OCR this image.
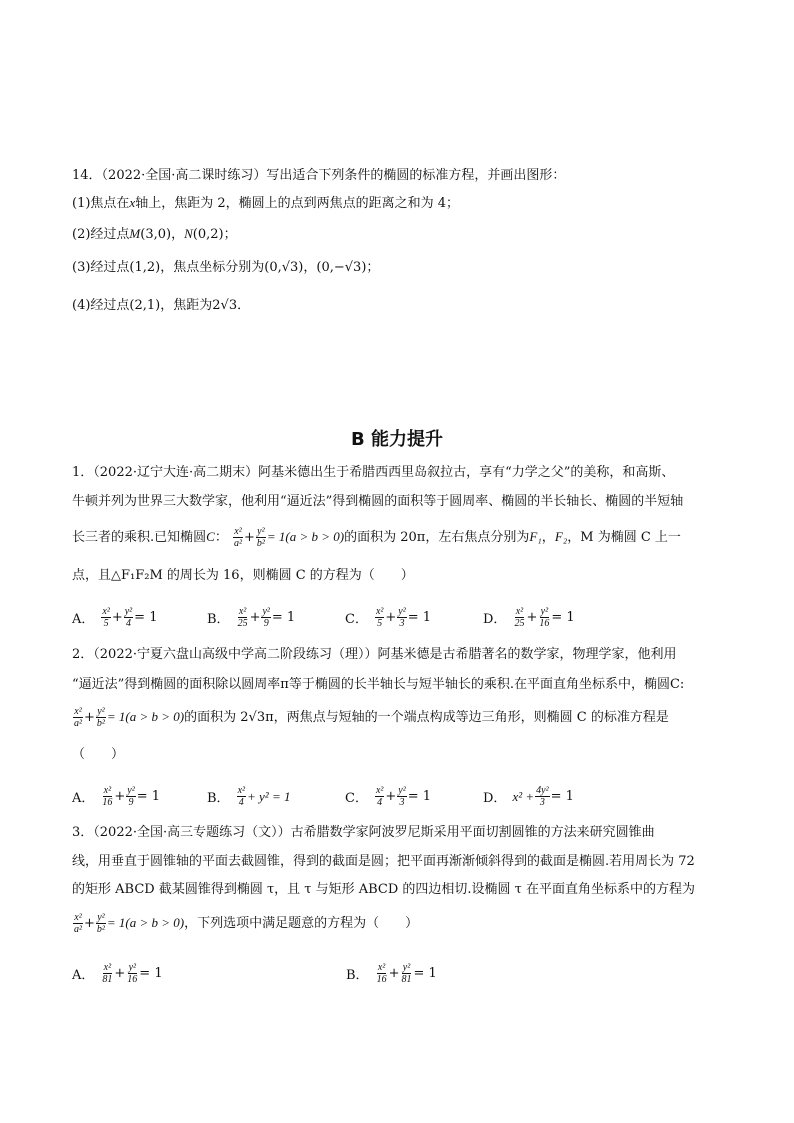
14．（2022·全国·高二课时练习）写出适合下列条件的椭圆的标准方程，并画出图形：
(1)焦点在x轴上，焦距为 2，椭圆上的点到两焦点的距离之和为 4；
(2)经过点M(3,0)，N(0,2)；
(3)经过点(1,2)，焦点坐标分别为(0,√3)，(0,−√3)；
(4)经过点(2,1)，焦距为2√3．
B 能力提升
1．（2022·辽宁大连·高二期末）阿基米德出生于希腊西西里岛叙拉古，享有“力学之父”的美称，和高斯、
牛顿并列为世界三大数学家，他利用“逼近法”得到椭圆的面积等于圆周率、椭圆的半长轴长、椭圆的半短轴
长三者的乘积.已知椭圆C： $\frac{\text{x²}}{\text{a²}} + \frac{\text{y²}}{\text{b²}} = 1(a > b > 0)$的面积为 20π，左右焦点分别为F₁，F₂，M 为椭圆 C 上一
点，且△F₁F₂M 的周长为 16，则椭圆 C 的方程为（　　）
A． $\frac{\text{x²}}{5} + \frac{\text{y²}}{4} = 1$	B． $\frac{\text{x²}}{25} + \frac{\text{y²}}{9} = 1$	C． $\frac{\text{x²}}{5} + \frac{\text{y²}}{3} = 1$	D． $\frac{\text{x²}}{25} + \frac{\text{y²}}{16} = 1$
2．（2022·宁夏六盘山高级中学高二阶段练习（理））阿基米德是古希腊著名的数学家，物理学家，他利用
“逼近法”得到椭圆的面积除以圆周率π等于椭圆的长半轴长与短半轴长的乘积.在平面直角坐标系中，椭圆C:
$\frac{\text{x²}}{\text{a²}} + \frac{\text{y²}}{\text{b²}} = 1(a > b > 0)$的面积为 2√3π，两焦点与短轴的一个端点构成等边三角形，则椭圆 C 的标准方程是
（　　）
A． $\frac{\text{x²}}{16} + \frac{\text{y²}}{9} = 1$	B． $\frac{\text{x²}}{4} + y^2 = 1$	C． $\frac{\text{x²}}{4} + \frac{\text{y²}}{3} = 1$	D． $x^2 + \frac{\text{4y²}}{3} = 1$
3．（2022·全国·高三专题练习（文））古希腊数学家阿波罗尼斯采用平面切割圆锥的方法来研究圆锥曲
线，用垂直于圆锥轴的平面去截圆锥，得到的截面是圆；把平面再渐渐倾斜得到的截面是椭圆.若用周长为 72
的矩形 ABCD 截某圆锥得到椭圆 τ，且 τ 与矩形 ABCD 的四边相切.设椭圆 τ 在平面直角坐标系中的方程为
$\frac{\text{x²}}{\text{a²}} + \frac{\text{y²}}{\text{b²}} = 1(a > b > 0)$，下列选项中满足题意的方程为（　　）
A． $\frac{\text{x²}}{81} + \frac{\text{y²}}{16} = 1$	B． $\frac{\text{x²}}{16} + \frac{\text{y²}}{81} = 1$
